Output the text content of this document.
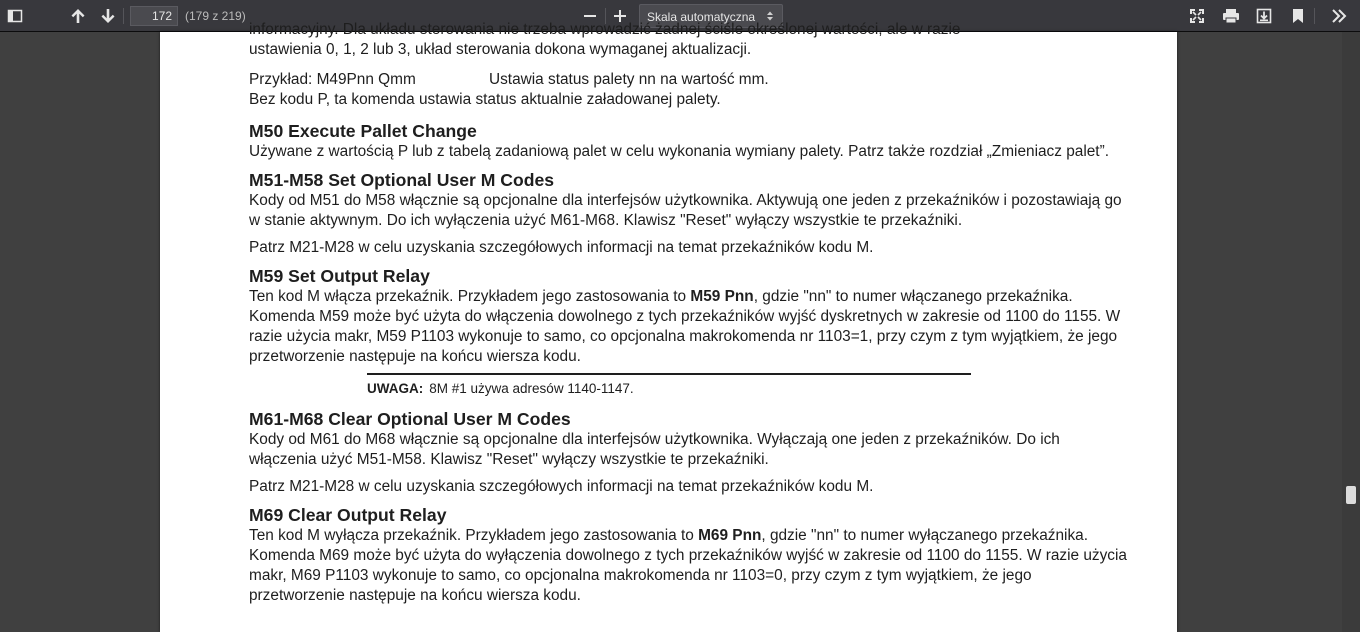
172
(179 z 219)	Skala automatyczna

informacyjny. Dla układu sterowania nie trzeba wprowadzić żadnej ściśle określonej wartości, ale w razie
ustawienia 0, 1, 2 lub 3, układ sterowania dokona wymaganej aktualizacji.

Przykład: M49Pnn Qmm	Ustawia status palety nn na wartość mm.
Bez kodu P, ta komenda ustawia status aktualnie załadowanej palety.

M50 Execute Pallet Change

Używane z wartością P lub z tabelą zadaniową palet w celu wykonania wymiany palety. Patrz także rozdział „Zmieniacz palet”.

M51-M58 Set Optional User M Codes

Kody od M51 do M58 włącznie są opcjonalne dla interfejsów użytkownika. Aktywują one jeden z przekaźników i pozostawiają go w stanie aktywnym. Do ich wyłączenia użyć M61-M68. Klawisz "Reset" wyłączy wszystkie te przekaźniki.

Patrz M21-M28 w celu uzyskania szczegółowych informacji na temat przekaźników kodu M.

M59 Set Output Relay

Ten kod M włącza przekaźnik. Przykładem jego zastosowania to M59 Pnn, gdzie "nn" to numer włączanego przekaźnika. Komenda M59 może być użyta do włączenia dowolnego z tych przekaźników wyjść dyskretnych w zakresie od 1100 do 1155. W razie użycia makr, M59 P1103 wykonuje to samo, co opcjonalna makrokomenda nr 1103=1, przy czym z tym wyjątkiem, że jego przetworzenie następuje na końcu wiersza kodu.

UWAGA: 8M #1 używa adresów 1140-1147.
M61-M68 Clear Optional User M Codes

Kody od M61 do M68 włącznie są opcjonalne dla interfejsów użytkownika. Wyłączają one jeden z przekaźników. Do ich włączenia użyć M51-M58. Klawisz "Reset" wyłączy wszystkie te przekaźniki.

Patrz M21-M28 w celu uzyskania szczegółowych informacji na temat przekaźników kodu M.

M69 Clear Output Relay

Ten kod M wyłącza przekaźnik. Przykładem jego zastosowania to M69 Pnn, gdzie "nn" to numer wyłączanego przekaźnika. Komenda M69 może być użyta do wyłączenia dowolnego z tych przekaźników wyjść w zakresie od 1100 do 1155. W razie użycia makr, M69 P1103 wykonuje to samo, co opcjonalna makrokomenda nr 1103=0, przy czym z tym wyjątkiem, że jego przetworzenie następuje na końcu wiersza kodu.
